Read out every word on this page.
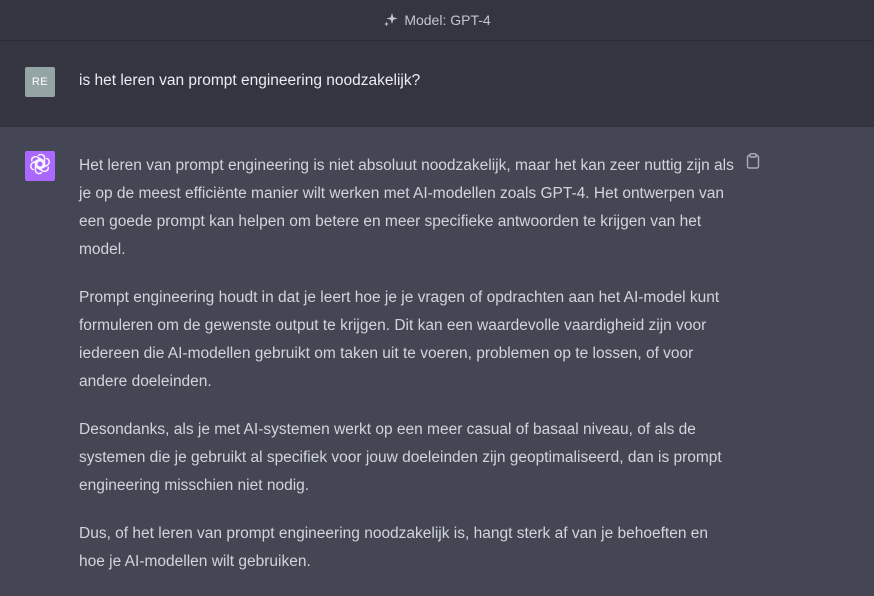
Model: GPT-4
RE	is het leren van prompt engineering noodzakelijk?

Het leren van prompt engineering is niet absoluut noodzakelijk, maar het kan zeer nuttig zijn als je op de meest efficiënte manier wilt werken met AI-modellen zoals GPT-4. Het ontwerpen van een goede prompt kan helpen om betere en meer specifieke antwoorden te krijgen van het model.

Prompt engineering houdt in dat je leert hoe je je vragen of opdrachten aan het AI-model kunt formuleren om de gewenste output te krijgen. Dit kan een waardevolle vaardigheid zijn voor iedereen die AI-modellen gebruikt om taken uit te voeren, problemen op te lossen, of voor andere doeleinden.

Desondanks, als je met AI-systemen werkt op een meer casual of basaal niveau, of als de systemen die je gebruikt al specifiek voor jouw doeleinden zijn geoptimaliseerd, dan is prompt engineering misschien niet nodig.

Dus, of het leren van prompt engineering noodzakelijk is, hangt sterk af van je behoeften en hoe je AI-modellen wilt gebruiken.
